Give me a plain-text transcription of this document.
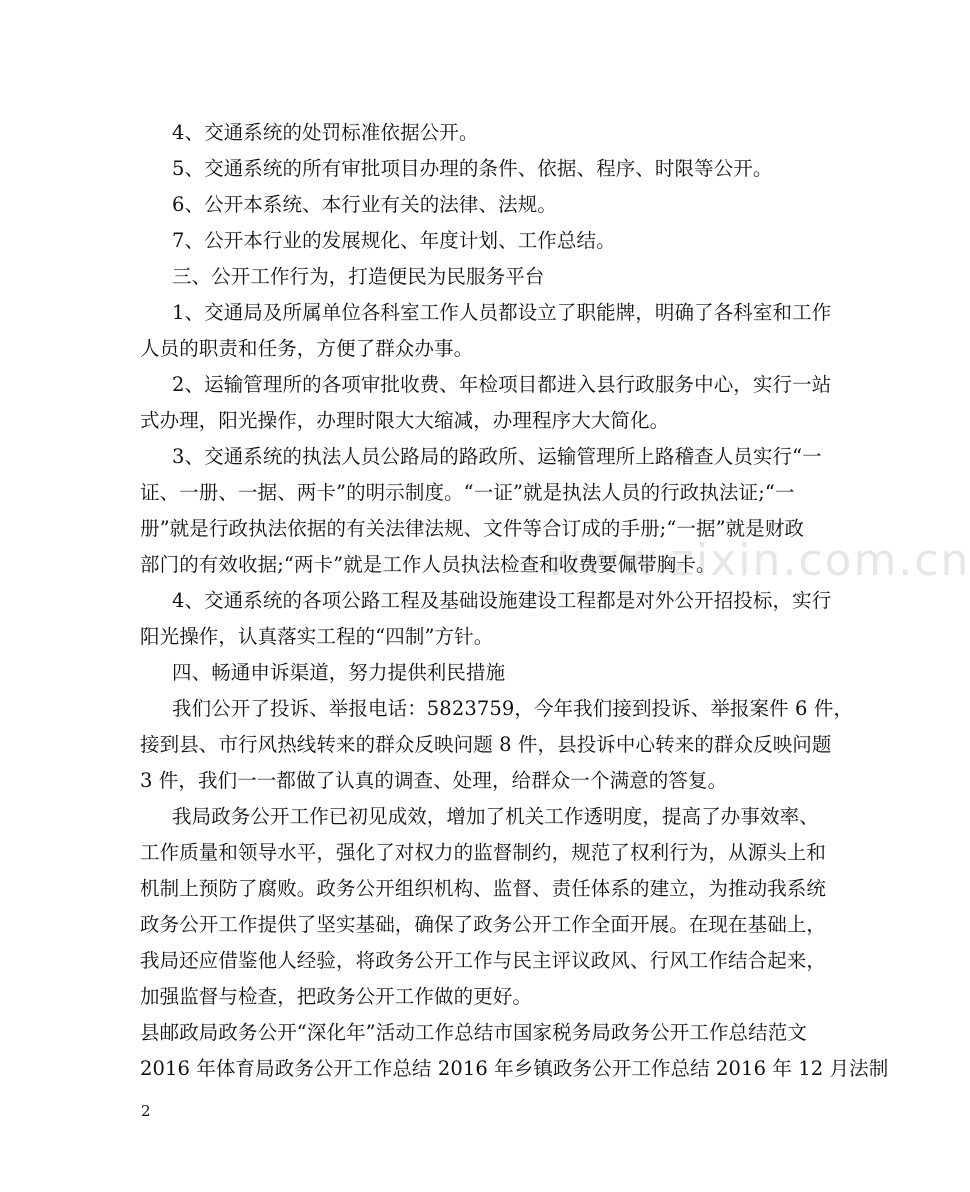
www.zixin.com.cn
4、交通系统的处罚标准依据公开。
5、交通系统的所有审批项目办理的条件、依据、程序、时限等公开。
6、公开本系统、本行业有关的法律、法规。
7、公开本行业的发展规化、年度计划、工作总结。
三、公开工作行为，打造便民为民服务平台
1、交通局及所属单位各科室工作人员都设立了职能牌，明确了各科室和工作
人员的职责和任务，方便了群众办事。
2、运输管理所的各项审批收费、年检项目都进入县行政服务中心，实行一站
式办理，阳光操作，办理时限大大缩减，办理程序大大简化。
3、交通系统的执法人员公路局的路政所、运输管理所上路稽查人员实行“一
证、一册、一据、两卡”的明示制度。“一证”就是执法人员的行政执法证;“一
册”就是行政执法依据的有关法律法规、文件等合订成的手册;“一据”就是财政
部门的有效收据;“两卡”就是工作人员执法检查和收费要佩带胸卡。
4、交通系统的各项公路工程及基础设施建设工程都是对外公开招投标，实行
阳光操作，认真落实工程的“四制”方针。
四、畅通申诉渠道，努力提供利民措施
我们公开了投诉、举报电话：5823759，今年我们接到投诉、举报案件 6 件，
接到县、市行风热线转来的群众反映问题 8 件，县投诉中心转来的群众反映问题
3 件，我们一一都做了认真的调查、处理，给群众一个满意的答复。
我局政务公开工作已初见成效，增加了机关工作透明度，提高了办事效率、
工作质量和领导水平，强化了对权力的监督制约，规范了权利行为，从源头上和
机制上预防了腐败。政务公开组织机构、监督、责任体系的建立，为推动我系统
政务公开工作提供了坚实基础，确保了政务公开工作全面开展。在现在基础上，
我局还应借鉴他人经验，将政务公开工作与民主评议政风、行风工作结合起来，
加强监督与检查，把政务公开工作做的更好。
县邮政局政务公开“深化年”活动工作总结市国家税务局政务公开工作总结范文
2016 年体育局政务公开工作总结 2016 年乡镇政务公开工作总结 2016 年 12 月法制
2
